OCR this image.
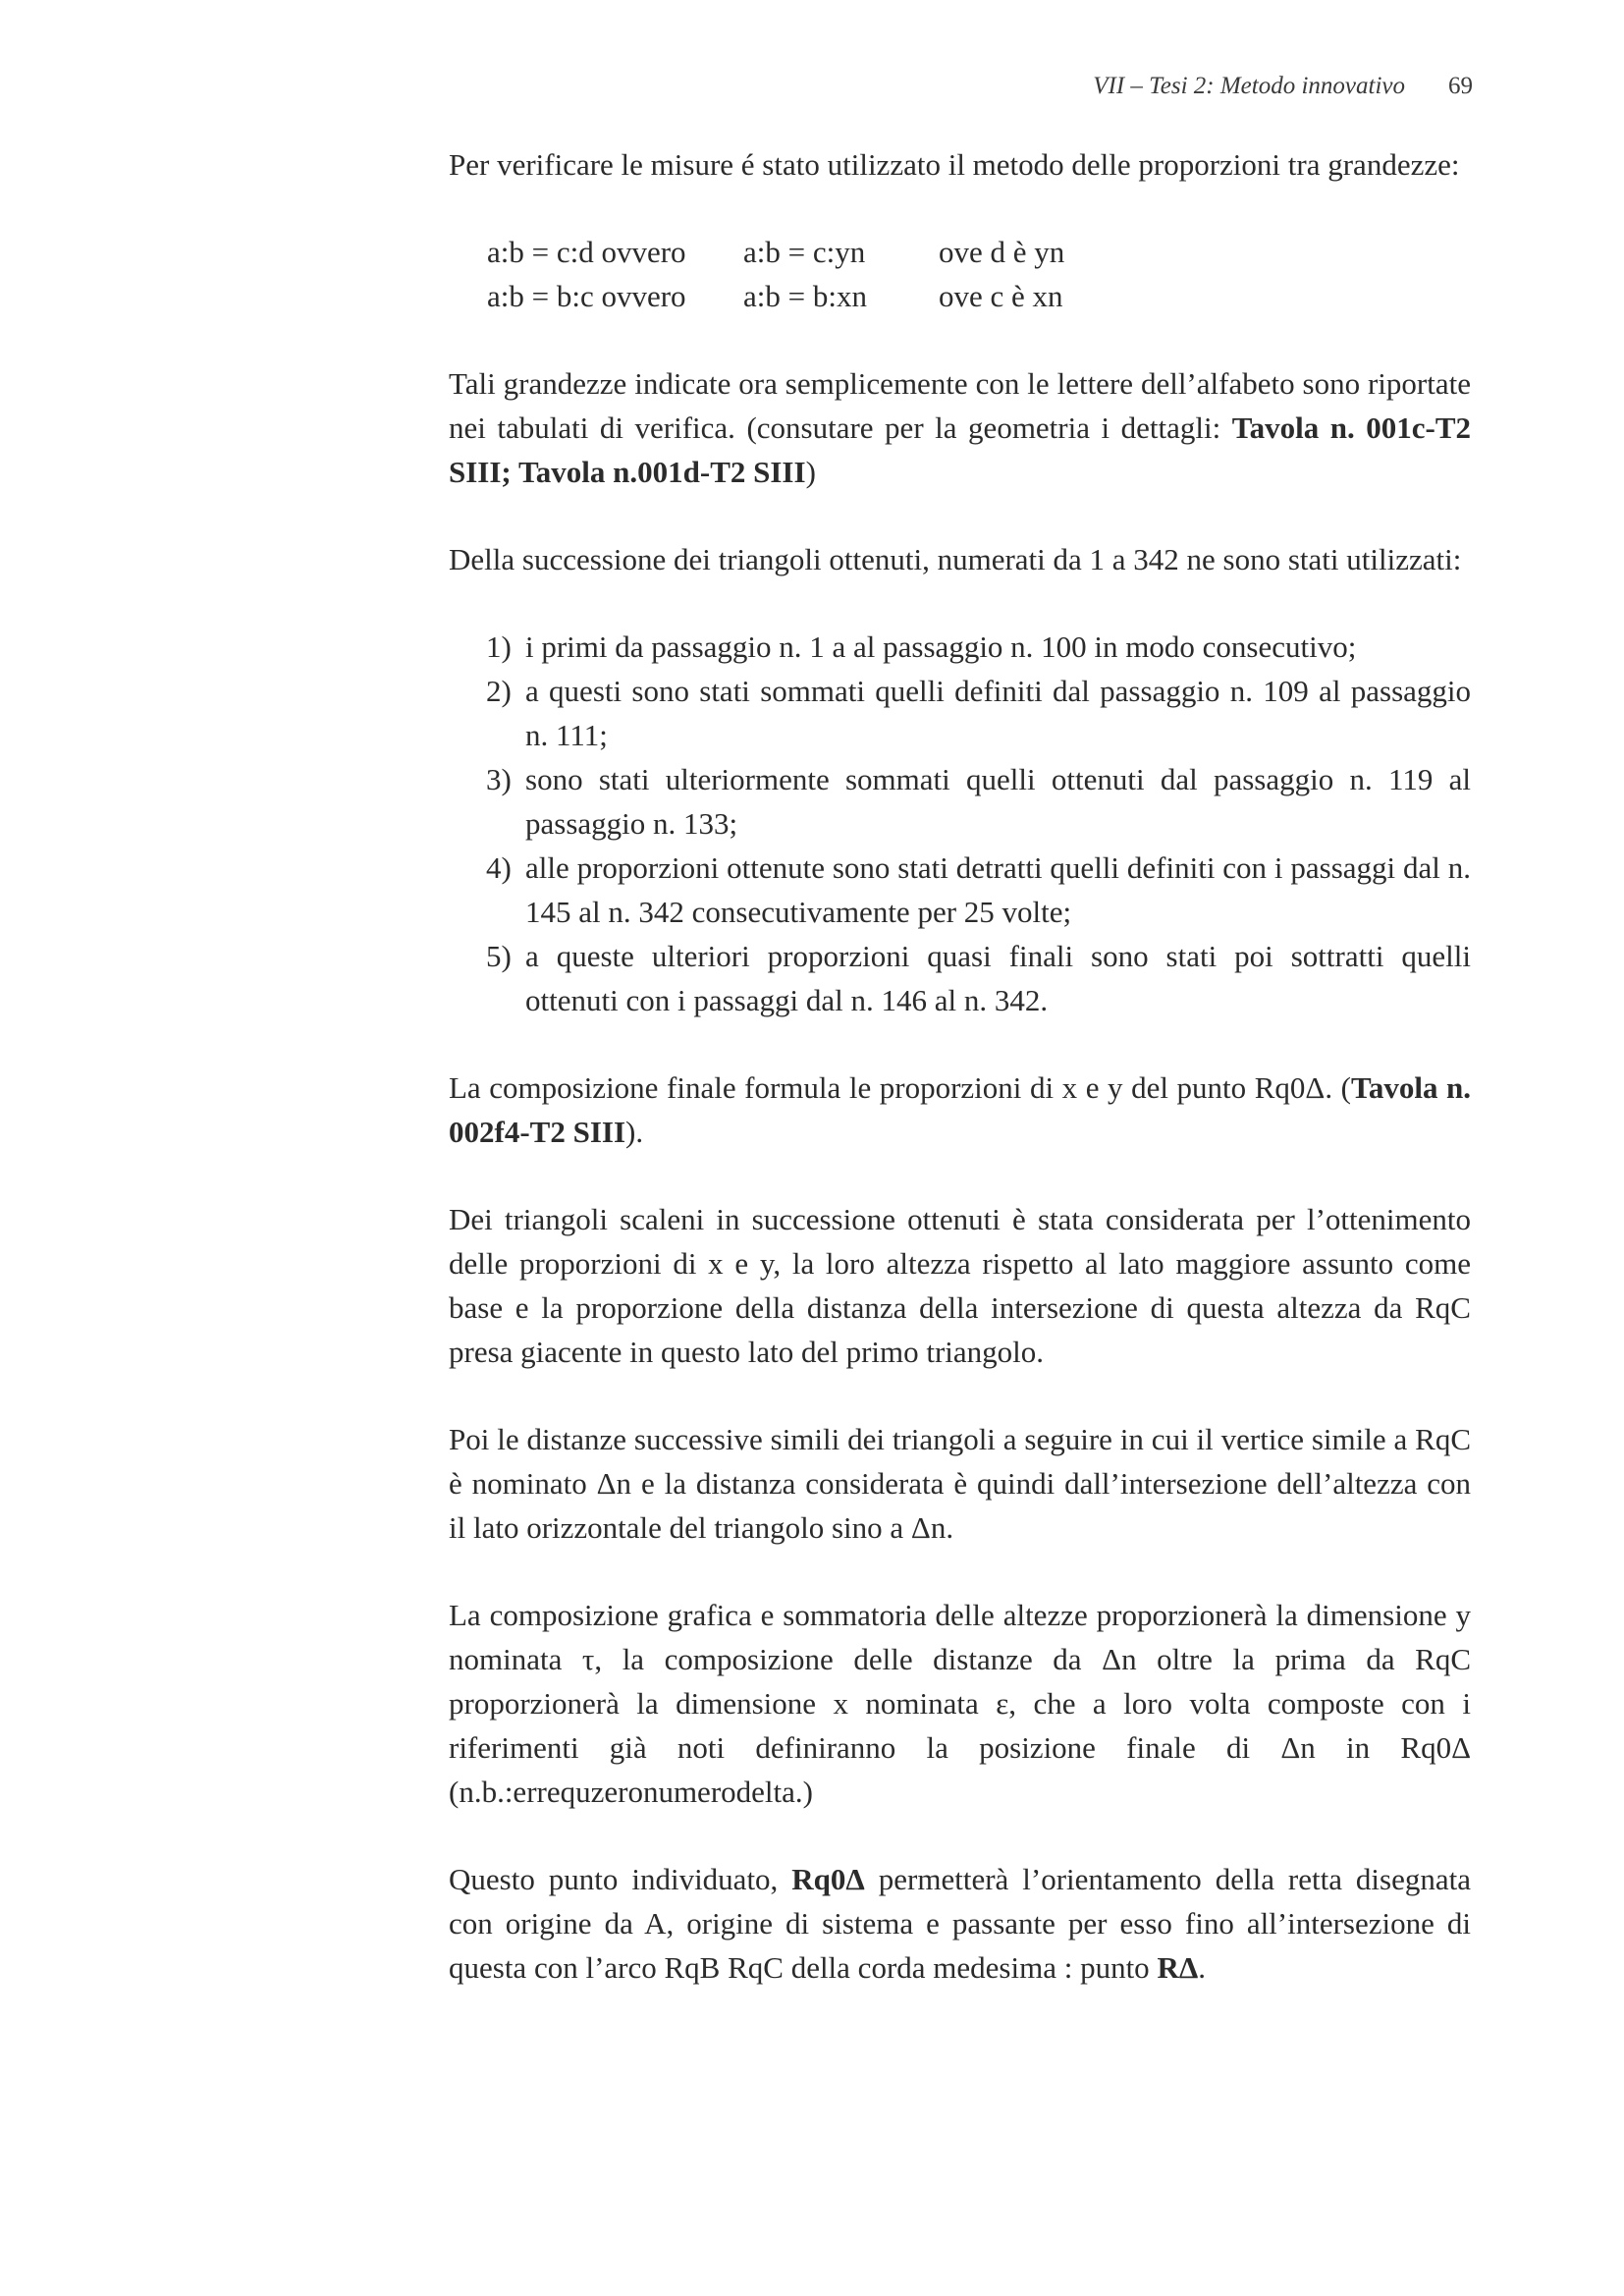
VII – Tesi 2: Metodo innovativo 69

Per verificare le misure é stato utilizzato il metodo delle proporzioni tra grandezze:

a:b = c:d ovvero	a:b = c:yn	ove d è yn
a:b = b:c ovvero	a:b = b:xn	ove c è xn

Tali grandezze indicate ora semplicemente con le lettere dell’alfabeto sono riportate nei tabulati di verifica. (consutare per la geometria i dettagli: Tavola n. 001c-T2 SIII; Tavola n.001d-T2 SIII)

Della successione dei triangoli ottenuti, numerati da 1 a 342 ne sono stati utilizzati:

1) i primi da passaggio n. 1 a al passaggio n. 100 in modo consecutivo;
2) a questi sono stati sommati quelli definiti dal passaggio n. 109 al passaggio n. 111;
3) sono stati ulteriormente sommati quelli ottenuti dal passaggio n. 119 al passaggio n. 133;
4) alle proporzioni ottenute sono stati detratti quelli definiti con i passaggi dal n. 145 al n. 342 consecutivamente per 25 volte;
5) a queste ulteriori proporzioni quasi finali sono stati poi sottratti quelli ottenuti con i passaggi dal n. 146 al n. 342.

La composizione finale formula le proporzioni di x e y del punto Rq0Δ. (Tavola n. 002f4-T2 SIII).

Dei triangoli scaleni in successione ottenuti è stata considerata per l’ottenimento delle proporzioni di x e y, la loro altezza rispetto al lato maggiore assunto come base e la proporzione della distanza della intersezione di questa altezza da RqC presa giacente in questo lato del primo triangolo.

Poi le distanze successive simili dei triangoli a seguire in cui il vertice simile a RqC è nominato Δn e la distanza considerata è quindi dall’intersezione dell’altezza con il lato orizzontale del triangolo sino a Δn.

La composizione grafica e sommatoria delle altezze proporzionerà la dimensione y nominata τ, la composizione delle distanze da Δn oltre la prima da RqC proporzionerà la dimensione x nominata ε, che a loro volta composte con i riferimenti già noti definiranno la posizione finale di Δn in Rq0Δ (n.b.:errequzeronumerodelta.)

Questo punto individuato, Rq0Δ permetterà l’orientamento della retta disegnata con origine da A, origine di sistema e passante per esso fino all’intersezione di questa con l’arco RqB RqC della corda medesima : punto RΔ.
